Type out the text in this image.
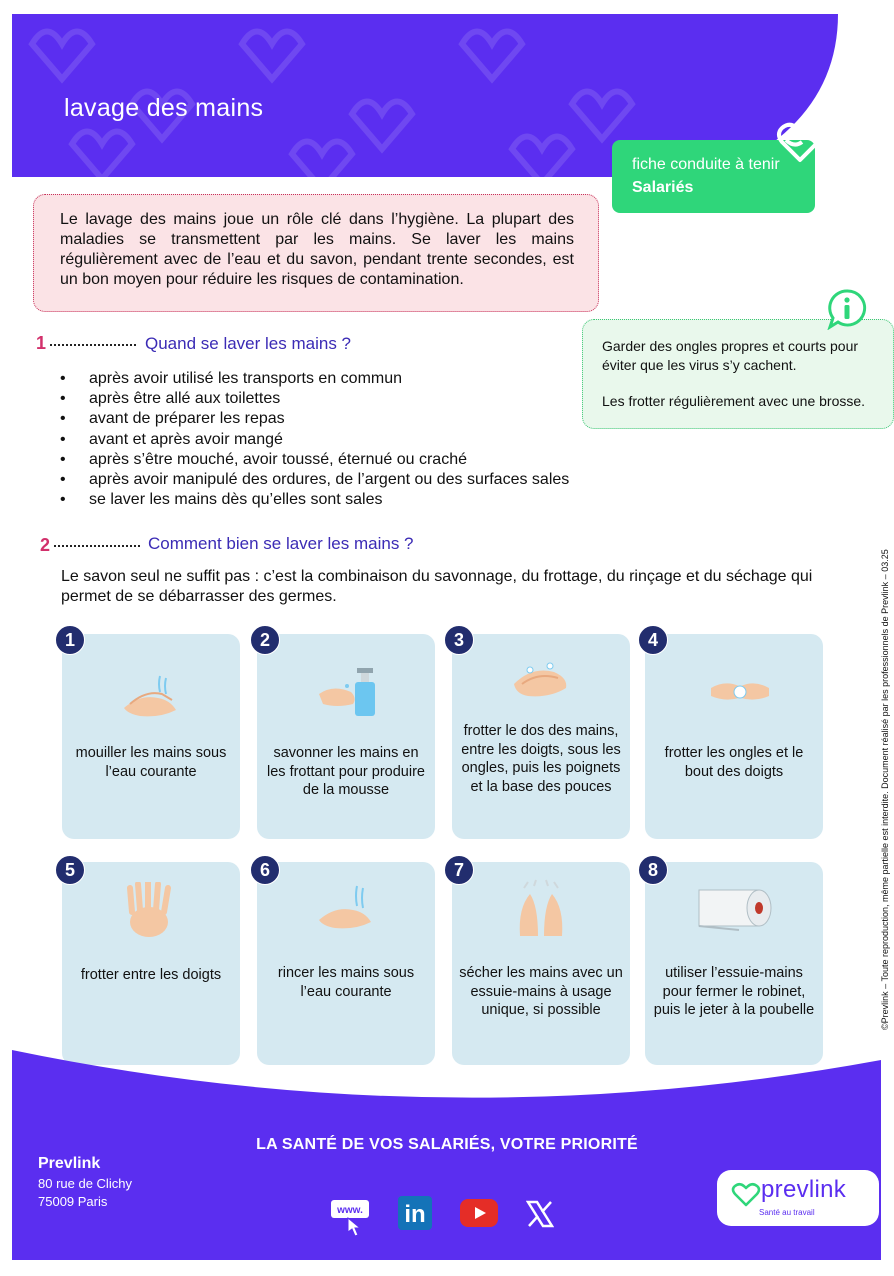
lavage des mains
fiche conduite à tenir
Salariés

Le lavage des mains joue un rôle clé dans l’hygiène. La plupart des maladies se transmettent par les mains. Se laver les mains régulièrement avec de l’eau et du savon, pendant trente secondes, est un bon moyen pour réduire les risques de contamination.

Garder des ongles propres et courts pour éviter que les virus s’y cachent.
Les frotter régulièrement avec une brosse.
1	Quand se laver les mains ?
• après avoir utilisé les transports en commun
• après être allé aux toilettes
• avant de préparer les repas
• avant et après avoir mangé
• après s’être mouché, avoir toussé, éternué ou craché
• après avoir manipulé des ordures, de l’argent ou des surfaces sales
• se laver les mains dès qu’elles sont sales
2	Comment bien se laver les mains ?
Le savon seul ne suffit pas : c’est la combinaison du savonnage, du frottage, du rinçage et du séchage qui permet de se débarrasser des germes.
mouiller les mains sous l’eau courante
1
savonner les mains en les frottant pour produire de la mousse
2
frotter le dos des mains, entre les doigts, sous les ongles, puis les poignets et la base des pouces
3
frotter les ongles et le bout des doigts
4
frotter entre les doigts
5
rincer les mains sous l’eau courante
6
sécher les mains avec un essuie-mains à usage unique, si possible
7
utiliser l’essuie-mains pour fermer le robinet, puis le jeter à la poubelle
8	©Prevlink – Toute reproduction, même partielle est interdite. Document réalisé par les professionnels de Prevlink – 03.25
LA SANTÉ DE VOS SALARIÉS, VOTRE PRIORITÉ
Prevlink
80 rue de Clichy
75009 Paris
www. in
prevlink
Santé au travail
